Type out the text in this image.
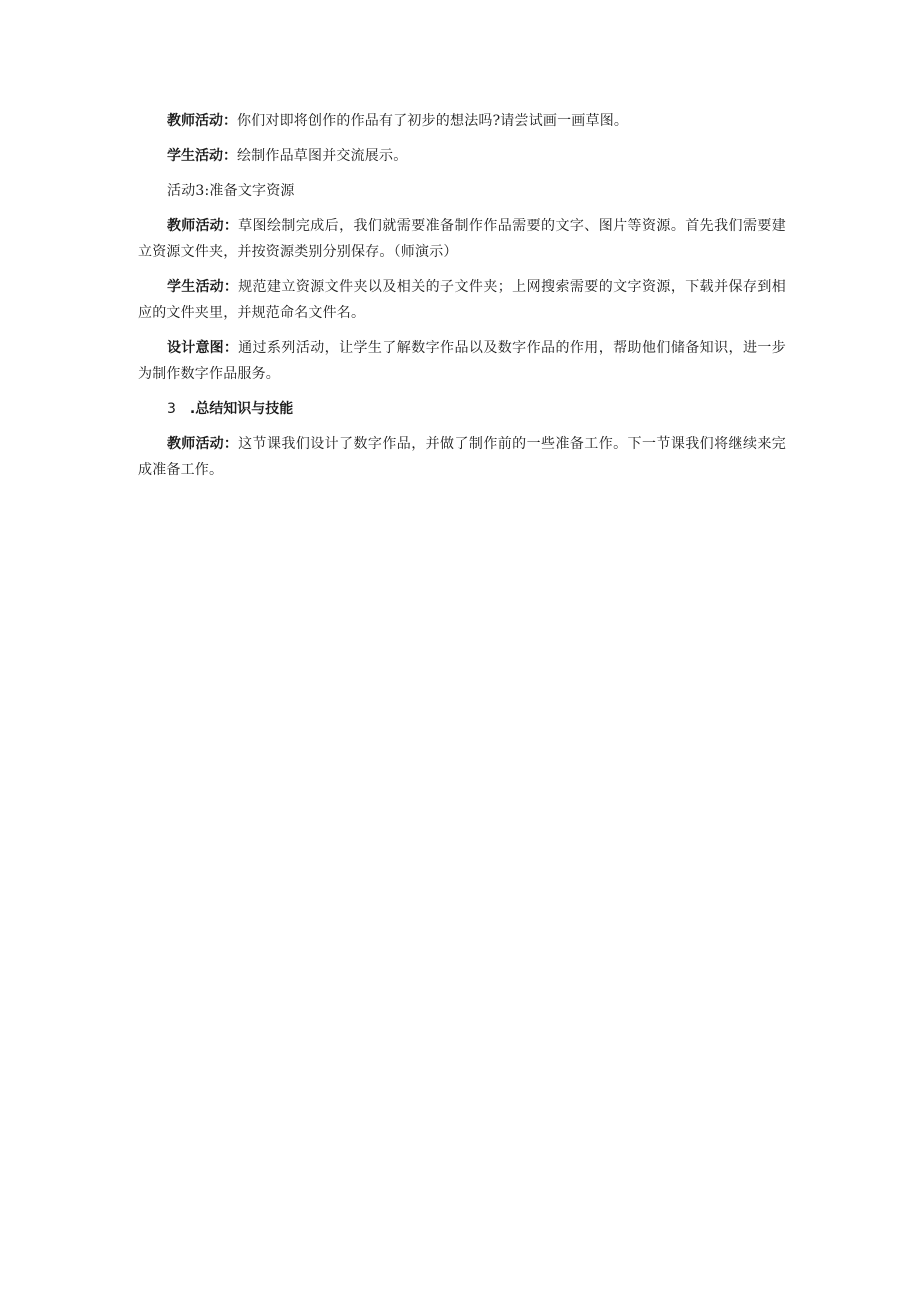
教师活动：你们对即将创作的作品有了初步的想法吗?请尝试画一画草图。

学生活动：绘制作品草图并交流展示。

活动3:准备文字资源

教师活动：草图绘制完成后，我们就需要准备制作作品需要的文字、图片等资源。首先我们需要建立资源文件夹，并按资源类别分别保存。（师演示）

学生活动：规范建立资源文件夹以及相关的子文件夹；上网搜索需要的文字资源，下载并保存到相应的文件夹里，并规范命名文件名。

设计意图：通过系列活动，让学生了解数字作品以及数字作品的作用，帮助他们储备知识，进一步为制作数字作品服务。

3 .总结知识与技能

教师活动：这节课我们设计了数字作品，并做了制作前的一些准备工作。下一节课我们将继续来完成准备工作。
